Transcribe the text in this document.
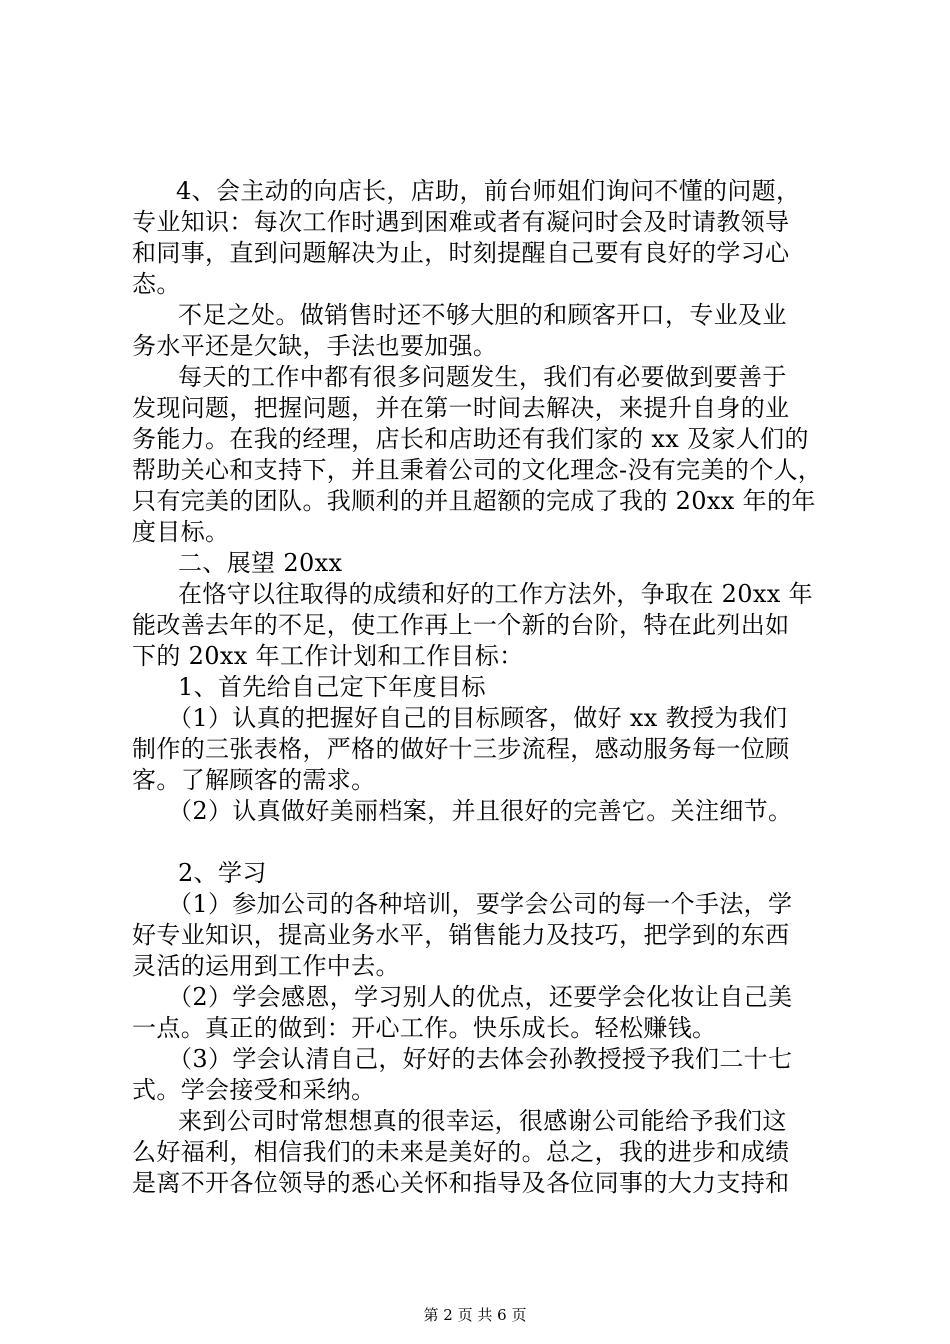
4、会主动的向店长，店助，前台师姐们询问不懂的问题，
专业知识：每次工作时遇到困难或者有凝问时会及时请教领导
和同事，直到问题解决为止，时刻提醒自己要有良好的学习心
态。
不足之处。做销售时还不够大胆的和顾客开口，专业及业
务水平还是欠缺，手法也要加强。
每天的工作中都有很多问题发生，我们有必要做到要善于
发现问题，把握问题，并在第一时间去解决，来提升自身的业
务能力。在我的经理，店长和店助还有我们家的 xx 及家人们的
帮助关心和支持下，并且秉着公司的文化理念-没有完美的个人，
只有完美的团队。我顺利的并且超额的完成了我的 20xx 年的年
度目标。
二、展望 20xx
在恪守以往取得的成绩和好的工作方法外，争取在 20xx 年
能改善去年的不足，使工作再上一个新的台阶，特在此列出如
下的 20xx 年工作计划和工作目标：
1、首先给自己定下年度目标
（1）认真的把握好自己的目标顾客，做好 xx 教授为我们
制作的三张表格，严格的做好十三步流程，感动服务每一位顾
客。了解顾客的需求。
（2）认真做好美丽档案，并且很好的完善它。关注细节。
2、学习
（1）参加公司的各种培训，要学会公司的每一个手法，学
好专业知识，提高业务水平，销售能力及技巧，把学到的东西
灵活的运用到工作中去。
（2）学会感恩，学习别人的优点，还要学会化妆让自己美
一点。真正的做到：开心工作。快乐成长。轻松赚钱。
（3）学会认清自己，好好的去体会孙教授授予我们二十七
式。学会接受和采纳。
来到公司时常想想真的很幸运，很感谢公司能给予我们这
么好福利，相信我们的未来是美好的。总之，我的进步和成绩
是离不开各位领导的悉心关怀和指导及各位同事的大力支持和
第 2 页 共 6 页
